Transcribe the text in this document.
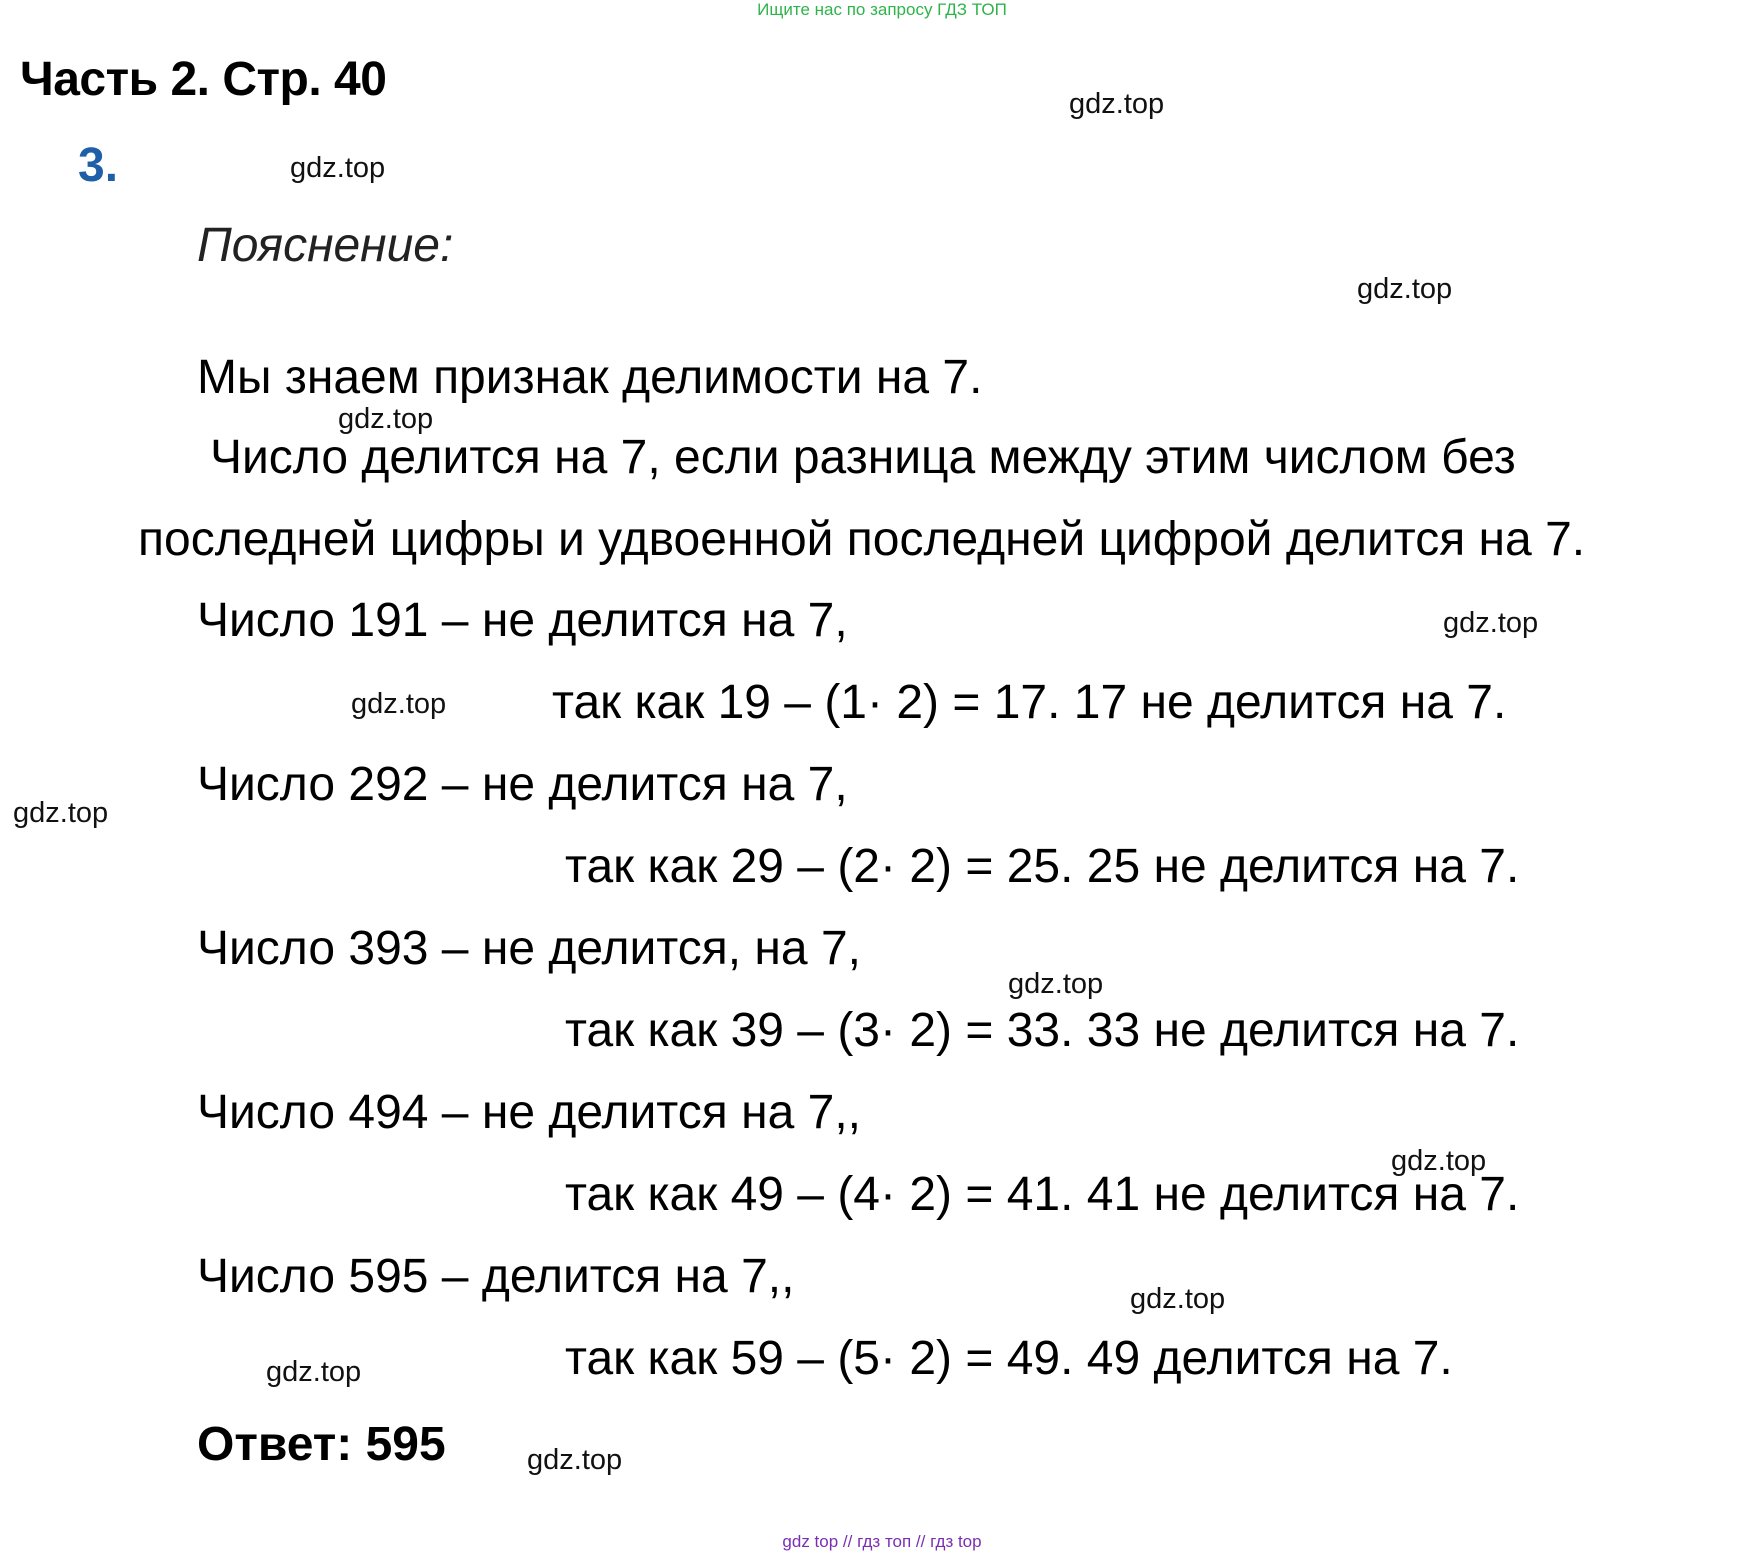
Ищите нас по запросу ГДЗ ТОП
Часть 2. Стр. 40
3.
Пояснение:
Мы знаем признак делимости на 7.
Число делится на 7, если разница между этим числом без
последней цифры и удвоенной последней цифрой делится на 7.
Число 191 – не делится на 7,
так как 19 – (1· 2) = 17. 17 не делится на 7.
Число 292 – не делится на 7,
так как 29 – (2· 2) = 25. 25 не делится на 7.
Число 393 – не делится, на 7,
так как 39 – (3· 2) = 33. 33 не делится на 7.
Число 494 – не делится на 7,,
так как 49 – (4· 2) = 41. 41 не делится на 7.
Число 595 – делится на 7,,
так как 59 – (5· 2) = 49. 49 делится на 7.
Ответ: 595
gdz.top
gdz.top
gdz.top
gdz.top
gdz.top
gdz.top
gdz.top
gdz.top
gdz.top
gdz.top
gdz.top
gdz.top
gdz top // гдз топ // гдз top
